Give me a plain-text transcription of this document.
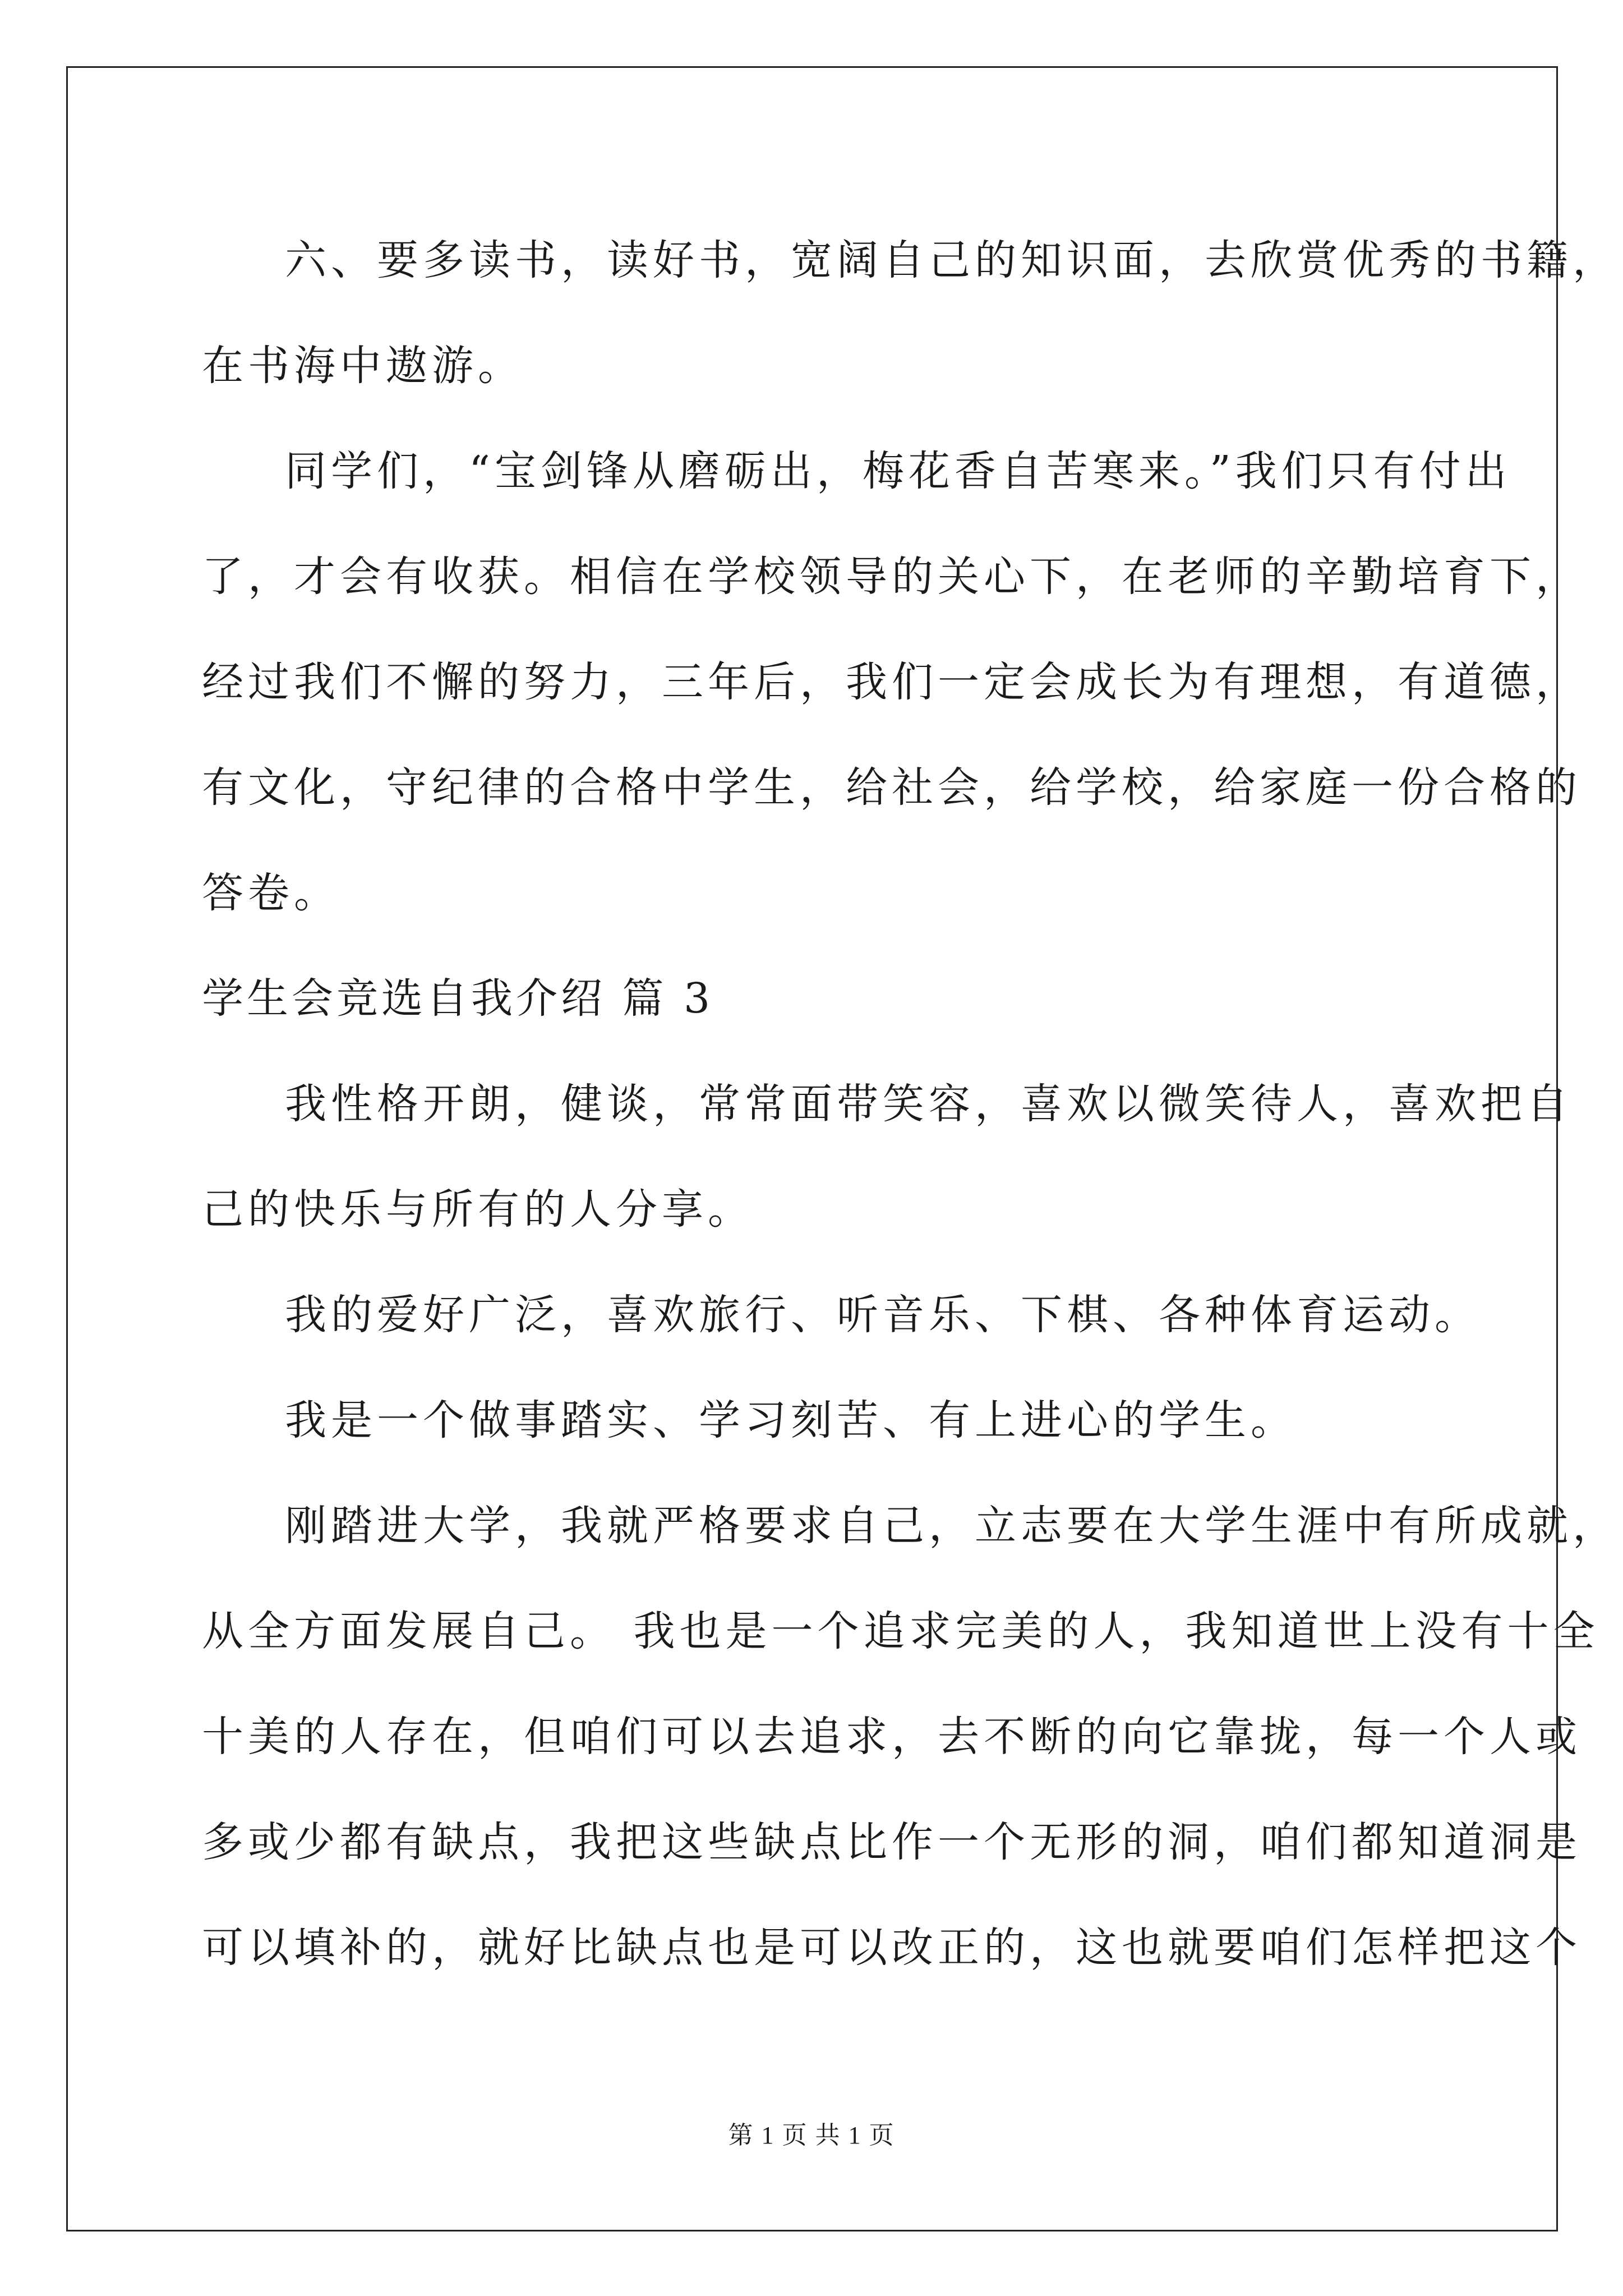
六、要多读书，读好书，宽阔自己的知识面，去欣赏优秀的书籍，
在书海中遨游。
同学们，“宝剑锋从磨砺出，梅花香自苦寒来。”我们只有付出
了，才会有收获。相信在学校领导的关心下，在老师的辛勤培育下，
经过我们不懈的努力，三年后，我们一定会成长为有理想，有道德，
有文化，守纪律的合格中学生，给社会，给学校，给家庭一份合格的
答卷。

学生会竞选自我介绍 篇 3

我性格开朗，健谈，常常面带笑容，喜欢以微笑待人，喜欢把自
己的快乐与所有的人分享。
我的爱好广泛，喜欢旅行、听音乐、下棋、各种体育运动。
我是一个做事踏实、学习刻苦、有上进心的学生。
刚踏进大学，我就严格要求自己，立志要在大学生涯中有所成就，
从全方面发展自己。 我也是一个追求完美的人，我知道世上没有十全
十美的人存在，但咱们可以去追求，去不断的向它靠拢，每一个人或
多或少都有缺点，我把这些缺点比作一个无形的洞，咱们都知道洞是
可以填补的，就好比缺点也是可以改正的，这也就要咱们怎样把这个
第 1 页 共 1 页
